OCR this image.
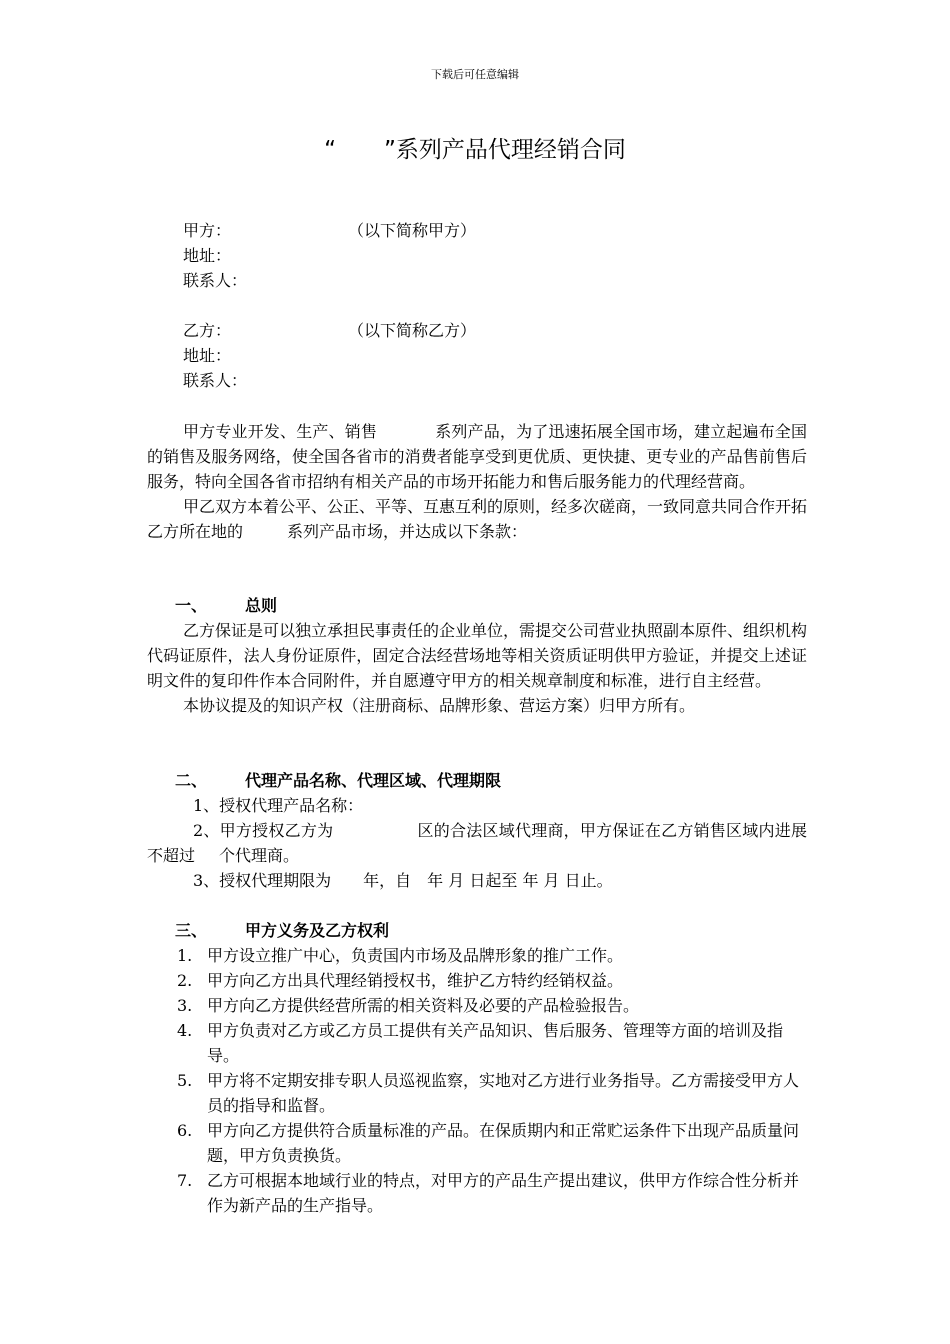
下载后可任意编辑
“ ”系列产品代理经销合同
甲方：	（以下简称甲方）
地址：
联系人：
乙方：	（以下简称乙方）
地址：
联系人：

甲方专业开发、生产、销售	系列产品，为了迅速拓展全国市场，建立起遍布全国的销售及服务网络，使全国各省市的消费者能享受到更优质、更快捷、更专业的产品售前售后服务，特向全国各省市招纳有相关产品的市场开拓能力和售后服务能力的代理经营商。

甲乙双方本着公平、公正、平等、互惠互利的原则，经多次磋商，一致同意共同合作开拓乙方所在地的	系列产品市场，并达成以下条款：

一、 总则

乙方保证是可以独立承担民事责任的企业单位，需提交公司营业执照副本原件、组织机构代码证原件，法人身份证原件，固定合法经营场地等相关资质证明供甲方验证，并提交上述证明文件的复印件作本合同附件，并自愿遵守甲方的相关规章制度和标准，进行自主经营。

本协议提及的知识产权（注册商标、品牌形象、营运方案）归甲方所有。

二、 代理产品名称、代理区域、代理期限
1、授权代理产品名称：

2、甲方授权乙方为	区的合法区域代理商，甲方保证在乙方销售区域内进展不超过 个代理商。

3、授权代理期限为　　年，自　年 月 日起至 年 月 日止。
三、 甲方义务及乙方权利
1. 甲方设立推广中心，负责国内市场及品牌形象的推广工作。
2. 甲方向乙方出具代理经销授权书，维护乙方特约经销权益。
3. 甲方向乙方提供经营所需的相关资料及必要的产品检验报告。
4. 甲方负责对乙方或乙方员工提供有关产品知识、售后服务、管理等方面的培训及指导。
5. 甲方将不定期安排专职人员巡视监察，实地对乙方进行业务指导。乙方需接受甲方人员的指导和监督。
6. 甲方向乙方提供符合质量标准的产品。在保质期内和正常贮运条件下出现产品质量问题，甲方负责换货。
7. 乙方可根据本地域行业的特点，对甲方的产品生产提出建议，供甲方作综合性分析并作为新产品的生产指导。
